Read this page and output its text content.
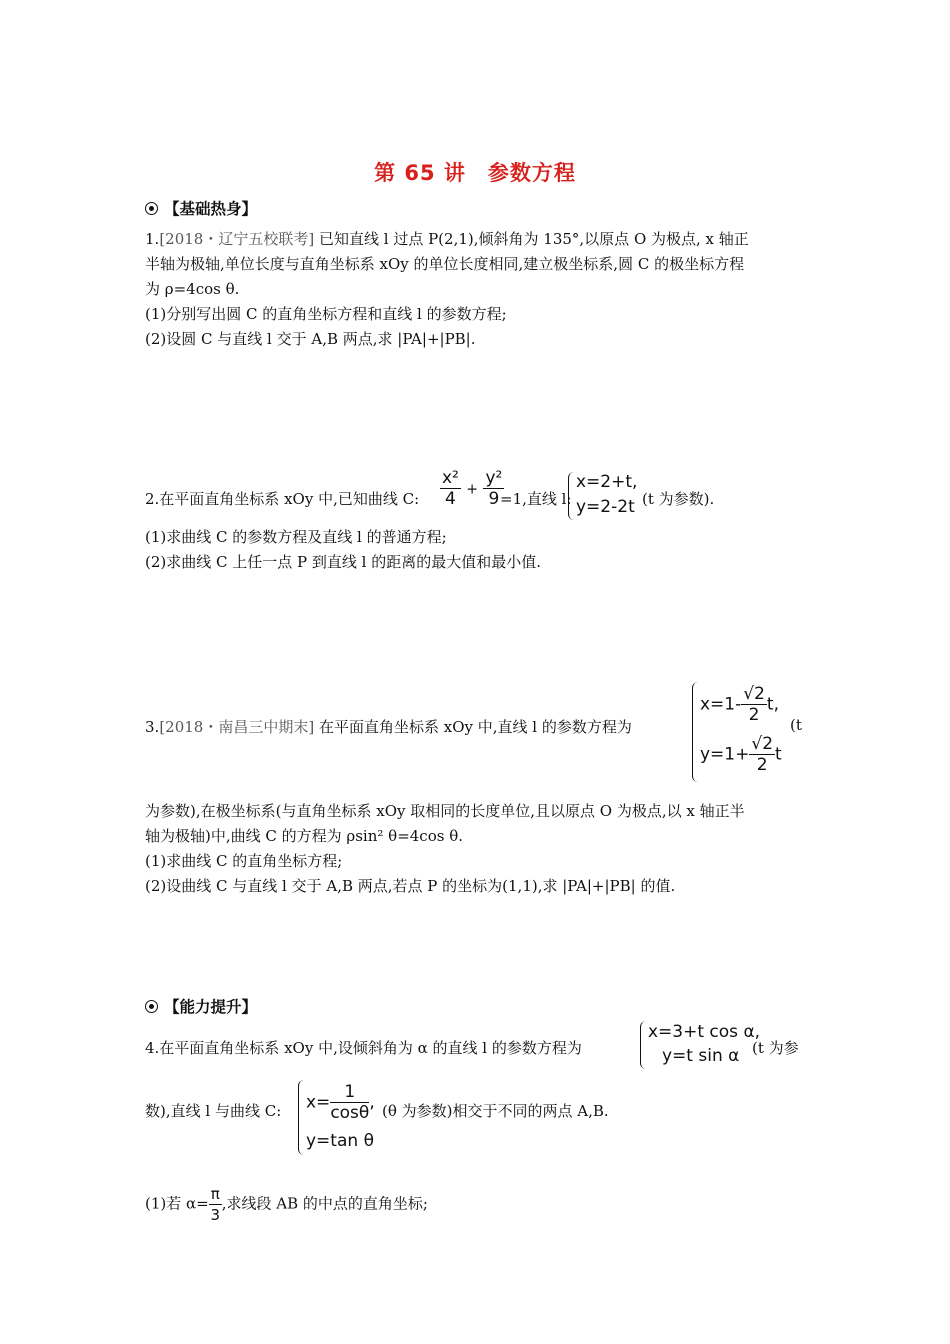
第 65 讲　参数方程
【基础热身】
1.[2018・辽宁五校联考] 已知直线 l 过点 P(2,1),倾斜角为 135°,以原点 O 为极点, x 轴正
半轴为极轴,单位长度与直角坐标系 xOy 的单位长度相同,建立极坐标系,圆 C 的极坐标方程
为 ρ=4cos θ.
(1)分别写出圆 C 的直角坐标方程和直线 l 的参数方程;
(2)设圆 C 与直线 l 交于 A,B 两点,求 |PA|+|PB|.
2.在平面直角坐标系 xOy 中,已知曲线 C: $\frac{\text{x²}}{4} + \frac{\text{y²}}{9}$
=1,直线 l:
x=2+t,
y=2-2t (t 为参数).
(1)求曲线 C 的参数方程及直线 l 的普通方程;
(2)求曲线 C 上任一点 P 到直线 l 的距离的最大值和最小值.
3.[2018・南昌三中期末] 在平面直角坐标系 xOy 中,直线 l 的参数方程为
$x=1- \frac{√2}{2} t$,
$y=1+ \frac{√2}{2}$ t
(t
为参数),在极坐标系(与直角坐标系 xOy 取相同的长度单位,且以原点 O 为极点,以 x 轴正半
轴为极轴)中,曲线 C 的方程为 ρsin² θ=4cos θ.
(1)求曲线 C 的直角坐标方程;
(2)设曲线 C 与直线 l 交于 A,B 两点,若点 P 的坐标为(1,1),求 |PA|+|PB| 的值.
【能力提升】
4.在平面直角坐标系 xOy 中,设倾斜角为 α 的直线 l 的参数方程为
x=3+t cos α,
y=t sin α (t 为参
数),直线 l 与曲线 C: $x= \frac{1}{\cos\theta}$ ,
y=tan θ
(θ 为参数)相交于不同的两点 A,B.
(1)若 $\alpha= \frac{\pi}{3}$ ,求线段 AB 的中点的直角坐标;
